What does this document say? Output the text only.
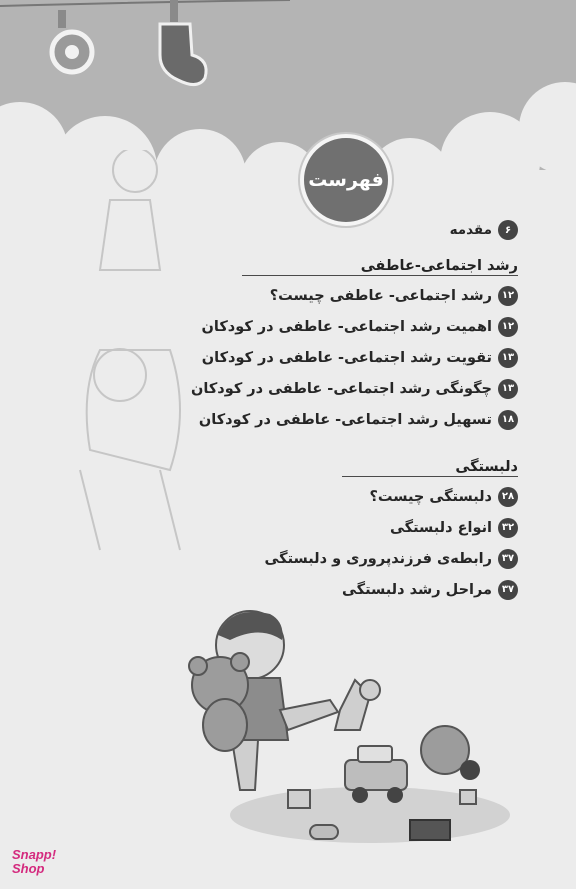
فهرست
۶
مقدمه
رشد اجتماعی-عاطفی
۱۲
رشد اجتماعی- عاطفی چیست؟
۱۲
اهمیت رشد اجتماعی- عاطفی در کودکان
۱۳
تقویت رشد اجتماعی- عاطفی در کودکان
۱۳
چگونگی رشد اجتماعی- عاطفی در کودکان
۱۸
تسهیل رشد اجتماعی- عاطفی در کودکان
دلبستگی
۲۸
دلبستگی چیست؟
۳۲
انواع دلبستگی
۳۷
رابطه‌ی فرزندپروری و دلبستگی
۳۷
مراحل رشد دلبستگی
Snapp!
Shop
